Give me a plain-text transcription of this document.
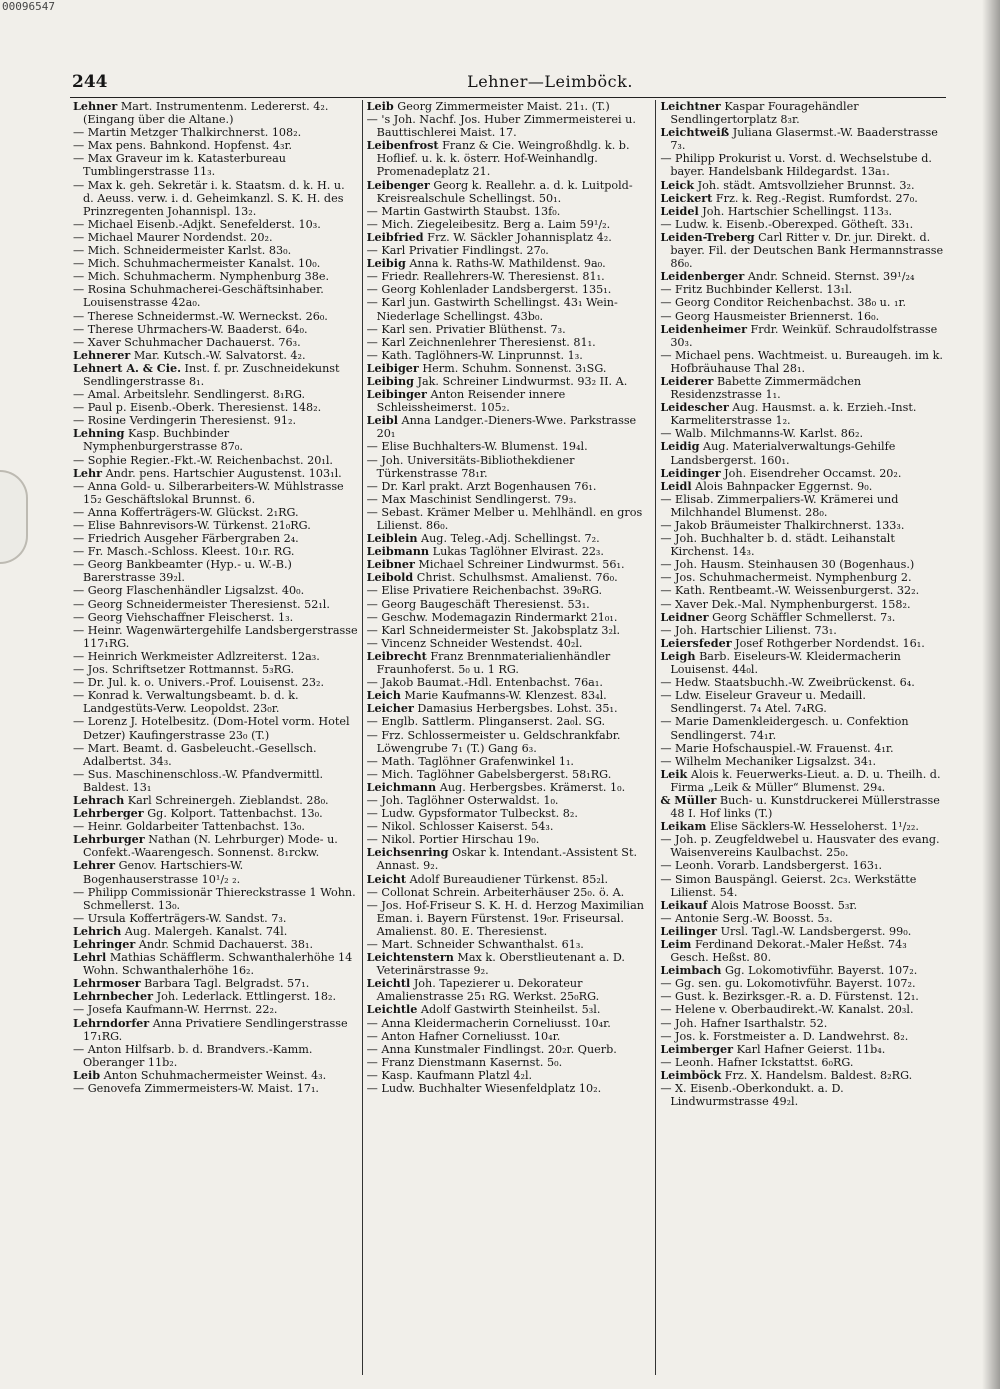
00096547
244	Lehner—Leimböck.

Lehner Mart. Instrumentenm. Ledererst. 4₂. (Eingang über die Altane.)

— Martin Metzger Thalkirchnerst. 108₂.

— Max pens. Bahnkond. Hopfenst. 4₃r.

— Max Graveur im k. Katasterbureau Tumblingerstrasse 11₃.

— Max k. geh. Sekretär i. k. Staatsm. d. k. H. u. d. Aeuss. verw. i. d. Geheimkanzl. S. K. H. des Prinzregenten Johannispl. 13₂.

— Michael Eisenb.-Adjkt. Senefelderst. 10₃.

— Michael Maurer Nordendst. 20₂.

— Mich. Schneidermeister Karlst. 83₀.

— Mich. Schuhmachermeister Kanalst. 10₀.

— Mich. Schuhmacherm. Nymphenburg 38e.

— Rosina Schuhmacherei-Geschäftsinhaber. Louisenstrasse 42a₀.

— Therese Schneidermst.-W. Werneckst. 26₀.

— Therese Uhrmachers-W. Baaderst. 64₀.

— Xaver Schuhmacher Dachauerst. 76₃.

Lehnerer Mar. Kutsch.-W. Salvatorst. 4₂.

Lehnert A. & Cie. Inst. f. pr. Zuschneidekunst Sendlingerstrasse 8₁.

— Amal. Arbeitslehr. Sendlingerst. 8₁RG.

— Paul p. Eisenb.-Oberk. Theresienst. 148₂.

— Rosine Verdingerin Theresienst. 91₂.

Lehning Kasp. Buchbinder Nymphenburgerstrasse 87₀.

— Sophie Regier.-Fkt.-W. Reichenbachst. 20₁l.

Lehr Andr. pens. Hartschier Augustenst. 103₁l.

— Anna Gold- u. Silberarbeiters-W. Mühlstrasse 15₂ Geschäftslokal Brunnst. 6.

— Anna Kofferträgers-W. Glückst. 2₁RG.

— Elise Bahnrevisors-W. Türkenst. 21₀RG.

— Friedrich Ausgeher Färbergraben 2₄.

— Fr. Masch.-Schloss. Kleest. 10₁r. RG.

— Georg Bankbeamter (Hyp.- u. W.-B.) Barerstrasse 39₂l.

— Georg Flaschenhändler Ligsalzst. 40₀.

— Georg Schneidermeister Theresienst. 52₁l.

— Georg Viehschaffner Fleischerst. 1₃.

— Heinr. Wagenwärtergehilfe Landsbergerstrasse 117₁RG.

— Heinrich Werkmeister Adlzreiterst. 12a₃.

— Jos. Schriftsetzer Rottmannst. 5₃RG.

— Dr. Jul. k. o. Univers.-Prof. Louisenst. 23₂.

— Konrad k. Verwaltungsbeamt. b. d. k. Landgestüts-Verw. Leopoldst. 23₀r.

— Lorenz J. Hotelbesitz. (Dom-Hotel vorm. Hotel Detzer) Kaufingerstrasse 23₀ (T.)

— Mart. Beamt. d. Gasbeleucht.-Gesellsch. Adalbertst. 34₃.

— Sus. Maschinenschloss.-W. Pfandvermittl. Baldest. 13₁

Lehrach Karl Schreinergeh. Zieblandst. 28₀.

Lehrberger Gg. Kolport. Tattenbachst. 13₀.

— Heinr. Goldarbeiter Tattenbachst. 13₀.

Lehrburger Nathan (N. Lehrburger) Mode- u. Confekt.-Waarengesch. Sonnenst. 8₁rckw.

Lehrer Genov. Hartschiers-W. Bogenhauserstrasse 10¹/₂ ₂.

— Philipp Commissionär Thiereckstrasse 1 Wohn. Schmellerst. 13₀.

— Ursula Kofferträgers-W. Sandst. 7₃.

Lehrich Aug. Malergeh. Kanalst. 74l.

Lehringer Andr. Schmid Dachauerst. 38₁.

Lehrl Mathias Schäfflerm. Schwanthalerhöhe 14 Wohn. Schwanthalerhöhe 16₂.

Lehrmoser Barbara Tagl. Belgradst. 57₁.

Lehrnbecher Joh. Lederlack. Ettlingerst. 18₂.

— Josefa Kaufmann-W. Herrnst. 22₂.

Lehrndorfer Anna Privatiere Sendlingerstrasse 17₁RG.

— Anton Hilfsarb. b. d. Brandvers.-Kamm. Oberanger 11b₂.

Leib Anton Schuhmachermeister Weinst. 4₃.

— Genovefa Zimmermeisters-W. Maist. 17₁.

Leib Georg Zimmermeister Maist. 21₁. (T.)

— 's Joh. Nachf. Jos. Huber Zimmermeisterei u. Bauttischlerei Maist. 17.

Leibenfrost Franz & Cie. Weingroßhdlg. k. b. Hoflief. u. k. k. österr. Hof-Weinhandlg. Promenadeplatz 21.

Leibenger Georg k. Reallehr. a. d. k. Luitpold-Kreisrealschule Schellingst. 50₁.

— Martin Gastwirth Staubst. 13f₀.

— Mich. Ziegeleibesitz. Berg a. Laim 59¹/₂.

Leibfried Frz. W. Säckler Johannisplatz 4₂.

— Karl Privatier Findlingst. 27₀.

Leibig Anna k. Raths-W. Mathildenst. 9a₀.

— Friedr. Reallehrers-W. Theresienst. 81₁.

— Georg Kohlenlader Landsbergerst. 135₁.

— Karl jun. Gastwirth Schellingst. 43₁ Wein-Niederlage Schellingst. 43b₀.

— Karl sen. Privatier Blüthenst. 7₃.

— Karl Zeichnenlehrer Theresienst. 81₁.

— Kath. Taglöhners-W. Linprunnst. 1₃.

Leibiger Herm. Schuhm. Sonnenst. 3₁SG.

Leibing Jak. Schreiner Lindwurmst. 93₂ II. A.

Leibinger Anton Reisender innere Schleissheimerst. 105₂.

Leibl Anna Landger.-Dieners-Wwe. Parkstrasse 20₁

— Elise Buchhalters-W. Blumenst. 19₄l.

— Joh. Universitäts-Bibliothekdiener Türkenstrasse 78₁r.

— Dr. Karl prakt. Arzt Bogenhausen 76₁.

— Max Maschinist Sendlingerst. 79₃.

— Sebast. Krämer Melber u. Mehlhändl. en gros Lilienst. 86₀.

Leiblein Aug. Teleg.-Adj. Schellingst. 7₂.

Leibmann Lukas Taglöhner Elvirast. 22₃.

Leibner Michael Schreiner Lindwurmst. 56₁.

Leibold Christ. Schulhsmst. Amalienst. 76₀.

— Elise Privatiere Reichenbachst. 39₀RG.

— Georg Baugeschäft Theresienst. 53₁.

— Geschw. Modemagazin Rindermarkt 21₀₁.

— Karl Schneidermeister St. Jakobsplatz 3₂l.

— Vincenz Schneider Westendst. 40₂l.

Leibrecht Franz Brennmaterialienhändler Fraunhoferst. 5₀ u. 1 RG.

— Jakob Baumat.-Hdl. Entenbachst. 76a₁.

Leich Marie Kaufmanns-W. Klenzest. 83₄l.

Leicher Damasius Herbergsbes. Lohst. 35₁.

— Englb. Sattlerm. Plinganserst. 2a₀l. SG.

— Frz. Schlossermeister u. Geldschrankfabr. Löwengrube 7₁ (T.) Gang 6₃.

— Math. Taglöhner Grafenwinkel 1₁.

— Mich. Taglöhner Gabelsbergerst. 58₁RG.

Leichmann Aug. Herbergsbes. Krämerst. 1₀.

— Joh. Taglöhner Osterwaldst. 1₀.

— Ludw. Gypsformator Tulbeckst. 8₂.

— Nikol. Schlosser Kaiserst. 54₃.

— Nikol. Portier Hirschau 19₀.

Leichsenring Oskar k. Intendant.-Assistent St. Annast. 9₂.

Leicht Adolf Bureaudiener Türkenst. 85₂l.

— Collonat Schrein. Arbeiterhäuser 25₀. ö. A.

— Jos. Hof-Friseur S. K. H. d. Herzog Maximilian Eman. i. Bayern Fürstenst. 19₀r. Friseursal. Amalienst. 80. E. Theresienst.

— Mart. Schneider Schwanthalst. 61₃.

Leichtenstern Max k. Oberstlieutenant a. D. Veterinärstrasse 9₂.

Leichtl Joh. Tapezierer u. Dekorateur Amalienstrasse 25₁ RG. Werkst. 25₀RG.

Leichtle Adolf Gastwirth Steinheilst. 5₃l.

— Anna Kleidermacherin Corneliusst. 10₄r.

— Anton Hafner Corneliusst. 10₄r.

— Anna Kunstmaler Findlingst. 20₂r. Querb.

— Franz Dienstmann Kasernst. 5₀.

— Kasp. Kaufmann Platzl 4₂l.

— Ludw. Buchhalter Wiesenfeldplatz 10₂.

Leichtner Kaspar Fouragehändler Sendlingertorplatz 8₃r.

Leichtweiß Juliana Glasermst.-W. Baaderstrasse 7₃.

— Philipp Prokurist u. Vorst. d. Wechselstube d. bayer. Handelsbank Hildegardst. 13a₁.

Leick Joh. städt. Amtsvollzieher Brunnst. 3₂.

Leickert Frz. k. Reg.-Regist. Rumfordst. 27₀.

Leidel Joh. Hartschier Schellingst. 113₃.

— Ludw. k. Eisenb.-Oberexped. Götheſt. 33₁.

Leiden-Treberg Carl Ritter v. Dr. jur. Direkt. d. bayer. Fil. der Deutschen Bank Hermannstrasse 86₀.

Leidenberger Andr. Schneid. Sternst. 39¹/₂₄

— Fritz Buchbinder Kellerst. 13₁l.

— Georg Conditor Reichenbachst. 38₀ u. ₁r.

— Georg Hausmeister Briennerst. 16₀.

Leidenheimer Frdr. Weinküf. Schraudolfstrasse 30₃.

— Michael pens. Wachtmeist. u. Bureaugeh. im k. Hofbräuhause Thal 28₁.

Leiderer Babette Zimmermädchen Residenzstrasse 1₁.

Leidescher Aug. Hausmst. a. k. Erzieh.-Inst. Karmeliterstrasse 1₂.

— Walb. Milchmanns-W. Karlst. 86₂.

Leidig Aug. Materialverwaltungs-Gehilfe Landsbergerst. 160₁.

Leidinger Joh. Eisendreher Occamst. 20₂.

Leidl Alois Bahnpacker Eggernst. 9₀.

— Elisab. Zimmerpaliers-W. Krämerei und Milchhandel Blumenst. 28₀.

— Jakob Bräumeister Thalkirchnerst. 133₃.

— Joh. Buchhalter b. d. städt. Leihanstalt Kirchenst. 14₃.

— Joh. Hausm. Steinhausen 30 (Bogenhaus.)

— Jos. Schuhmachermeist. Nymphenburg 2.

— Kath. Rentbeamt.-W. Weissenburgerst. 32₂.

— Xaver Dek.-Mal. Nymphenburgerst. 158₂.

Leidner Georg Schäffler Schmellerst. 7₃.

— Joh. Hartschier Lilienst. 73₁.

Leiersfeder Josef Rothgerber Nordendst. 16₁.

Leigh Barb. Eiseleurs-W. Kleidermacherin Louisenst. 44₀l.

— Hedw. Staatsbuchh.-W. Zweibrückenst. 6₄.

— Ldw. Eiseleur Graveur u. Medaill. Sendlingerst. 7₄ Atel. 7₄RG.

— Marie Damenkleidergesch. u. Confektion Sendlingerst. 74₁r.

— Marie Hofschauspiel.-W. Frauenst. 4₁r.

— Wilhelm Mechaniker Ligsalzst. 34₁.

Leik Alois k. Feuerwerks-Lieut. a. D. u. Theilh. d. Firma „Leik & Müller“ Blumenst. 29₄.

& Müller Buch- u. Kunstdruckerei Müllerstrasse 48 I. Hof links (T.)

Leikam Elise Säcklers-W. Hesseloherst. 1¹/₂₂.

— Joh. p. Zeugfeldwebel u. Hausvater des evang. Waisenvereins Kaulbachst. 25₀.

— Leonh. Vorarb. Landsbergerst. 163₁.

— Simon Bauspängl. Geierst. 2c₃. Werkstätte Lilienst. 54.

Leikauf Alois Matrose Boosst. 5₃r.

— Antonie Serg.-W. Boosst. 5₃.

Leilinger Ursl. Tagl.-W. Landsbergerst. 99₀.

Leim Ferdinand Dekorat.-Maler Heßst. 74₃ Gesch. Heßst. 80.

Leimbach Gg. Lokomotivführ. Bayerst. 107₂.

— Gg. sen. gu. Lokomotivführ. Bayerst. 107₂.

— Gust. k. Bezirksger.-R. a. D. Fürstenst. 12₁.

— Helene v. Oberbaudirekt.-W. Kanalst. 20₃l.

— Joh. Hafner Isarthalstr. 52.

— Jos. k. Forstmeister a. D. Landwehrst. 8₂.

Leimberger Karl Hafner Geierst. 11b₄.

— Leonh. Hafner Ickstattst. 6₀RG.

Leimböck Frz. X. Handelsm. Baldest. 8₂RG.

— X. Eisenb.-Oberkondukt. a. D. Lindwurmstrasse 49₂l.
